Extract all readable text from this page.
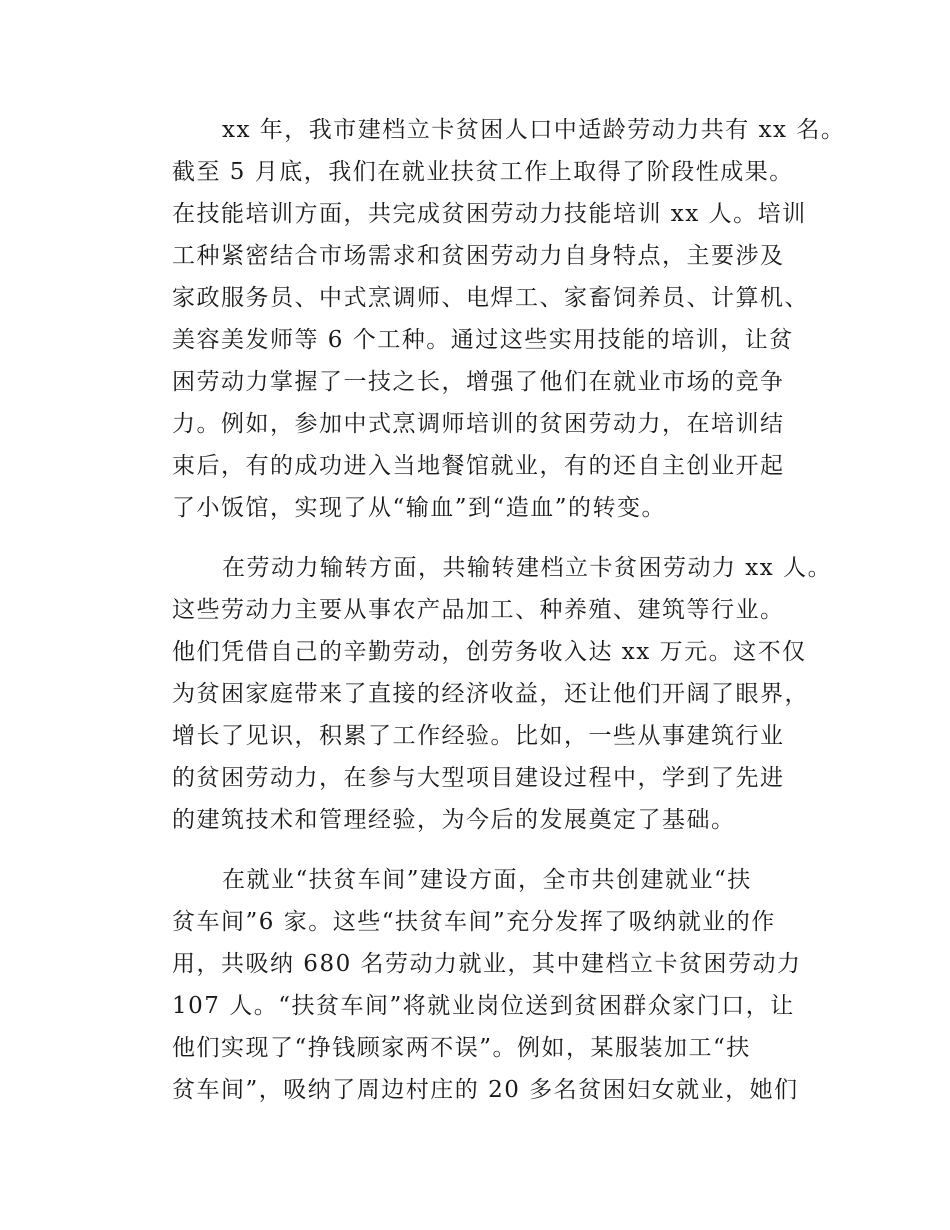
xx 年，我市建档立卡贫困人口中适龄劳动力共有 xx 名。
截至 5 月底，我们在就业扶贫工作上取得了阶段性成果。
在技能培训方面，共完成贫困劳动力技能培训 xx 人。培训
工种紧密结合市场需求和贫困劳动力自身特点，主要涉及
家政服务员、中式烹调师、电焊工、家畜饲养员、计算机、
美容美发师等 6 个工种。通过这些实用技能的培训，让贫
困劳动力掌握了一技之长，增强了他们在就业市场的竞争
力。例如，参加中式烹调师培训的贫困劳动力，在培训结
束后，有的成功进入当地餐馆就业，有的还自主创业开起
了小饭馆，实现了从“输血”到“造血”的转变。
在劳动力输转方面，共输转建档立卡贫困劳动力 xx 人。
这些劳动力主要从事农产品加工、种养殖、建筑等行业。
他们凭借自己的辛勤劳动，创劳务收入达 xx 万元。这不仅
为贫困家庭带来了直接的经济收益，还让他们开阔了眼界，
增长了见识，积累了工作经验。比如，一些从事建筑行业
的贫困劳动力，在参与大型项目建设过程中，学到了先进
的建筑技术和管理经验，为今后的发展奠定了基础。
在就业“扶贫车间”建设方面，全市共创建就业“扶
贫车间”6 家。这些“扶贫车间”充分发挥了吸纳就业的作
用，共吸纳 680 名劳动力就业，其中建档立卡贫困劳动力
107 人。“扶贫车间”将就业岗位送到贫困群众家门口，让
他们实现了“挣钱顾家两不误”。例如，某服装加工“扶
贫车间”，吸纳了周边村庄的 20 多名贫困妇女就业，她们
